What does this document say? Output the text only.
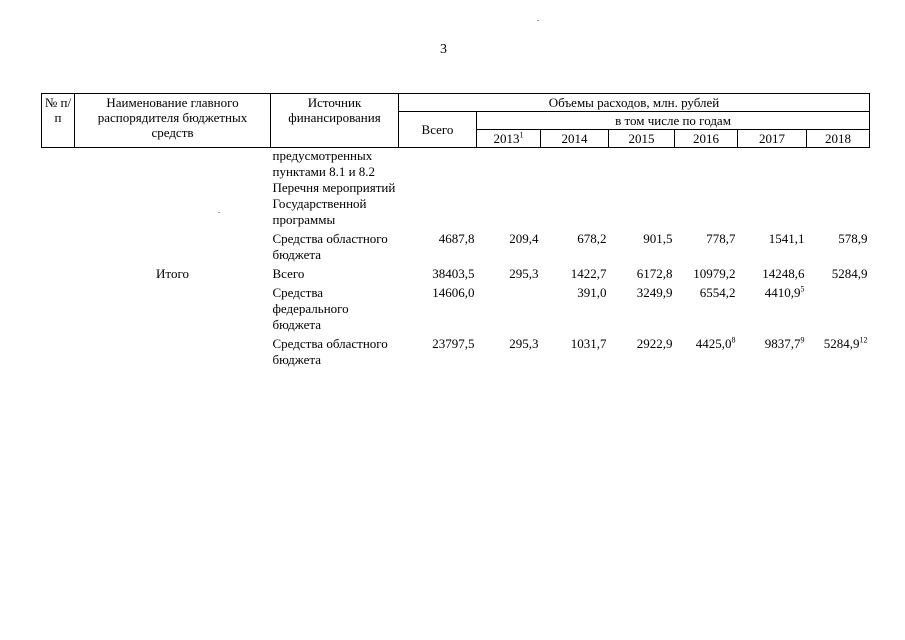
3
№ п/п	Наименование главного распорядителя бюджетных средств	Источник финансирования	Объемы расходов, млн. рублей						
			Всего	в том числе по годам					
				2013$^1$	2014	2015	2016	2017	2018
		предусмотренных пунктами 8.1 и 8.2 Перечня мероприятий Государственной программы							
		Средства областного бюджета	4687,8	209,4	678,2	901,5	778,7	1541,1	578,9
	Итого	Всего	38403,5	295,3	1422,7	6172,8	10979,2	14248,6	5284,9
		Средства федерального бюджета	14606,0		391,0	3249,9	6554,2	4410,9$^5$	
		Средства областного бюджета	23797,5	295,3	1031,7	2922,9	4425,0$^8$	9837,7$^9$	5284,9$^{12}$
